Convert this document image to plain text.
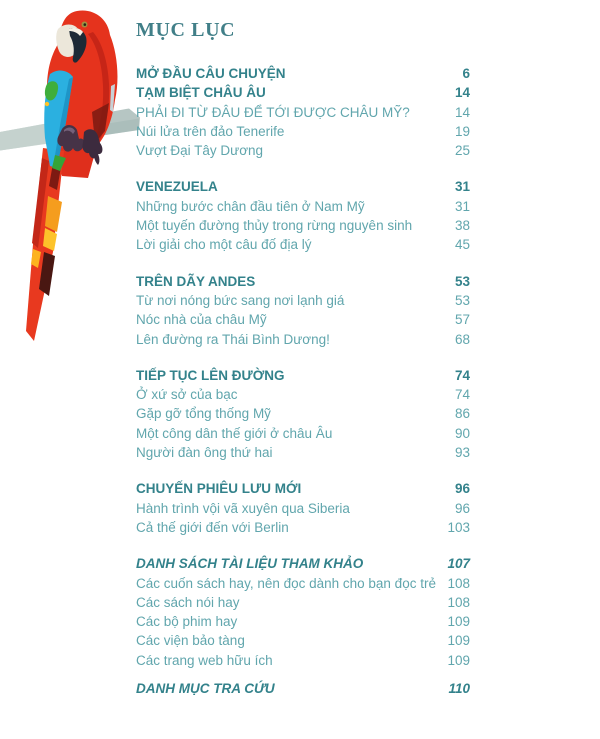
MỤC LỤC
MỞ ĐẦU CÂU CHUYỆN	6
TẠM BIỆT CHÂU ÂU	14
PHẢI ĐI TỪ ĐÂU ĐỂ TỚI ĐƯỢC CHÂU MỸ?	14
Núi lửa trên đảo Tenerife	19
Vượt Đại Tây Dương	25
VENEZUELA	31
Những bước chân đầu tiên ở Nam Mỹ	31
Một tuyến đường thủy trong rừng nguyên sinh	38
Lời giải cho một câu đố địa lý	45
TRÊN DÃY ANDES	53
Từ nơi nóng bức sang nơi lạnh giá	53
Nóc nhà của châu Mỹ	57
Lên đường ra Thái Bình Dương!	68
TIẾP TỤC LÊN ĐƯỜNG	74
Ở xứ sở của bạc	74
Gặp gỡ tổng thống Mỹ	86
Một công dân thế giới ở châu Âu	90
Người đàn ông thứ hai	93
CHUYẾN PHIÊU LƯU MỚI	96
Hành trình vội vã xuyên qua Siberia	96
Cả thế giới đến với Berlin	103
DANH SÁCH TÀI LIỆU THAM KHẢO	107
Các cuốn sách hay, nên đọc dành cho bạn đọc trẻ 108
Các sách nói hay	108
Các bộ phim hay	109
Các viện bảo tàng	109
Các trang web hữu ích	109
DANH MỤC TRA CỨU	110
